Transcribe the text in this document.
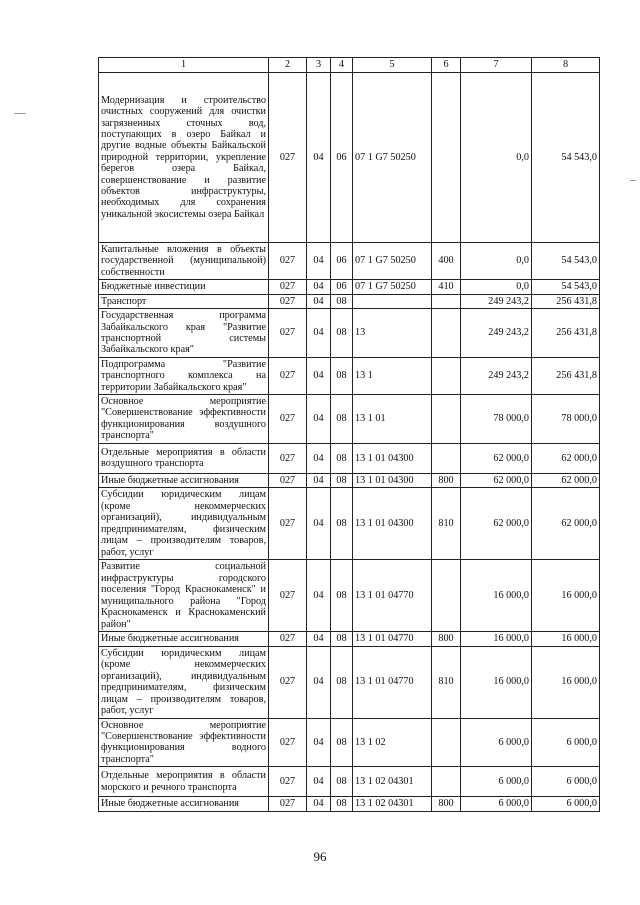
1	2	3	4	5	6	7	8
Модернизация и строительство очистных сооружений для очистки загрязненных сточных вод, поступающих в озеро Байкал и другие водные объекты Байкальской природной территории, укрепление берегов озера Байкал, совершенствование и развитие объектов инфраструктуры, необходимых для сохранения уникальной экосистемы озера Байкал	027	04	06	07 1 G7 50250		0,0	54 543,0
Капитальные вложения в объекты государственной (муниципальной) собственности	027	04	06	07 1 G7 50250	400	0,0	54 543,0
Бюджетные инвестиции	027	04	06	07 1 G7 50250	410	0,0	54 543,0
Транспорт	027	04	08			249 243,2	256 431,8
Государственная программа Забайкальского края "Развитие транспортной системы Забайкальского края"	027	04	08	13		249 243,2	256 431,8
Подпрограмма "Развитие транспортного комплекса на территории Забайкальского края"	027	04	08	13 1		249 243,2	256 431,8
Основное мероприятие "Совершенствование эффективности функционирования воздушного транспорта"	027	04	08	13 1 01		78 000,0	78 000,0
Отдельные мероприятия в области воздушного транспорта	027	04	08	13 1 01 04300		62 000,0	62 000,0
Иные бюджетные ассигнования	027	04	08	13 1 01 04300	800	62 000,0	62 000,0
Субсидии юридическим лицам (кроме некоммерческих организаций), индивидуальным предпринимателям, физическим лицам – производителям товаров, работ, услуг	027	04	08	13 1 01 04300	810	62 000,0	62 000,0
Развитие социальной инфраструктуры городского поселения "Город Краснокаменск" и муниципального района "Город Краснокаменск и Краснокаменский район"	027	04	08	13 1 01 04770		16 000,0	16 000,0
Иные бюджетные ассигнования	027	04	08	13 1 01 04770	800	16 000,0	16 000,0
Субсидии юридическим лицам (кроме некоммерческих организаций), индивидуальным предпринимателям, физическим лицам – производителям товаров, работ, услуг	027	04	08	13 1 01 04770	810	16 000,0	16 000,0
Основное мероприятие "Совершенствование эффективности функционирования водного транспорта"	027	04	08	13 1 02		6 000,0	6 000,0
Отдельные мероприятия в области морского и речного транспорта	027	04	08	13 1 02 04301		6 000,0	6 000,0
Иные бюджетные ассигнования	027	04	08	13 1 02 04301	800	6 000,0	6 000,0
96
